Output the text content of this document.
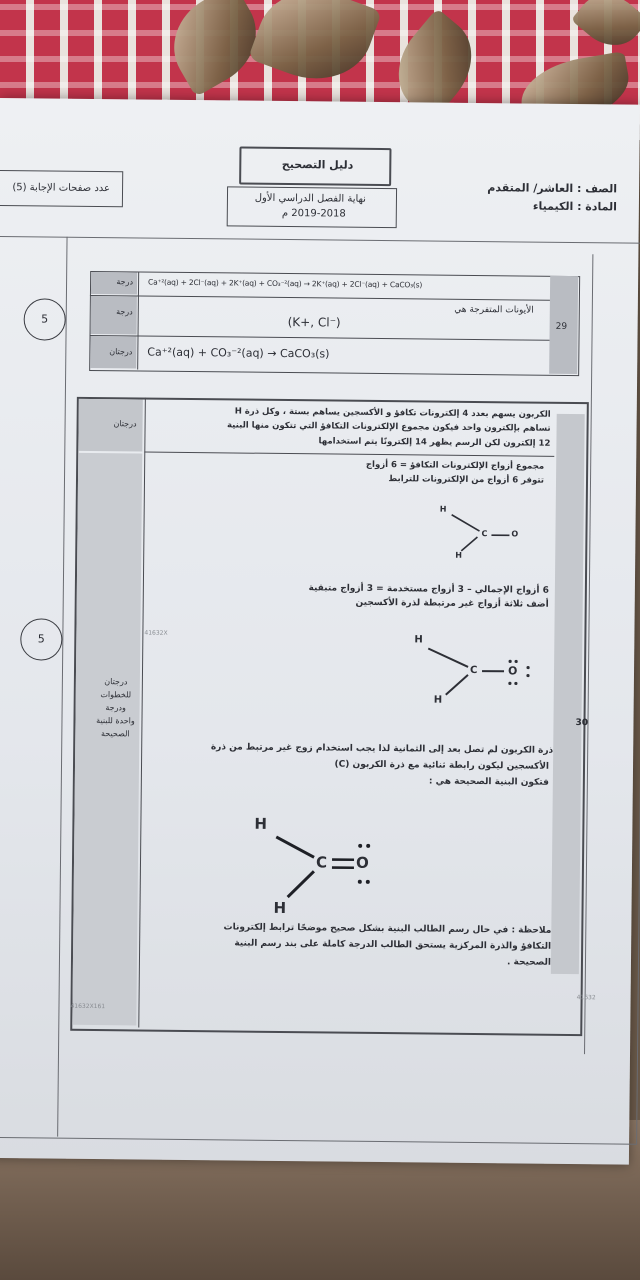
دليل التصحيح
نهاية الفصل الدراسي الأول
2019-2018 م
الصف : العاشر/ المتقدم
المادة : الكيمياء
عدد صفحات الإجابة (5)
29
درجة
درجة
درجتان
Ca⁺²(aq) + 2Cl⁻(aq) + 2K⁺(aq) + CO₃⁻²(aq) → 2K⁺(aq) + 2Cl⁻(aq) + CaCO₃(s)
الأيونات المتفرجة هي
(K+, Cl⁻)
Ca⁺²(aq) + CO₃⁻²(aq) → CaCO₃(s)
5
30
درجتان
درجتان للخطوات ودرجة واحدة للبنية الصحيحة
5
الكربون يسهم بعدد 4 إلكترونات تكافؤ و الأكسجين يساهم بستة ، وكل ذرة H
تساهم بإلكترون واحد فيكون مجموع الإلكترونات التكافؤ التي تتكون منها البنية
12 إلكترون لكن الرسم يظهر 14 إلكترونًا يتم استخدامها
مجموع أزواج الإلكترونات التكافؤ = 6 أزواج
تتوفر 6 أزواج من الإلكترونات للترابط
H
H
C	O
6 أزواج الإجمالي – 3 أزواج مستخدمة = 3 أزواج متبقية
أضف ثلاثة أزواج غير مرتبطة لذرة الأكسجين
H
H
C	O
ذرة الكربون لم تصل بعد إلى الثمانية لذا يجب استخدام زوج غير مرتبط من ذرة
الأكسجين ليكون رابطة ثنائية مع ذرة الكربون (C)
فتكون البنية الصحيحة هي :
H
H
C O
ملاحظة : في حال رسم الطالب البنية بشكل صحيح موضحًا ترابط إلكترونات
التكافؤ والذرة المركزية يستحق الطالب الدرجة كاملة على بند رسم البنية
الصحيحة .
41632X
41632X161
41632
